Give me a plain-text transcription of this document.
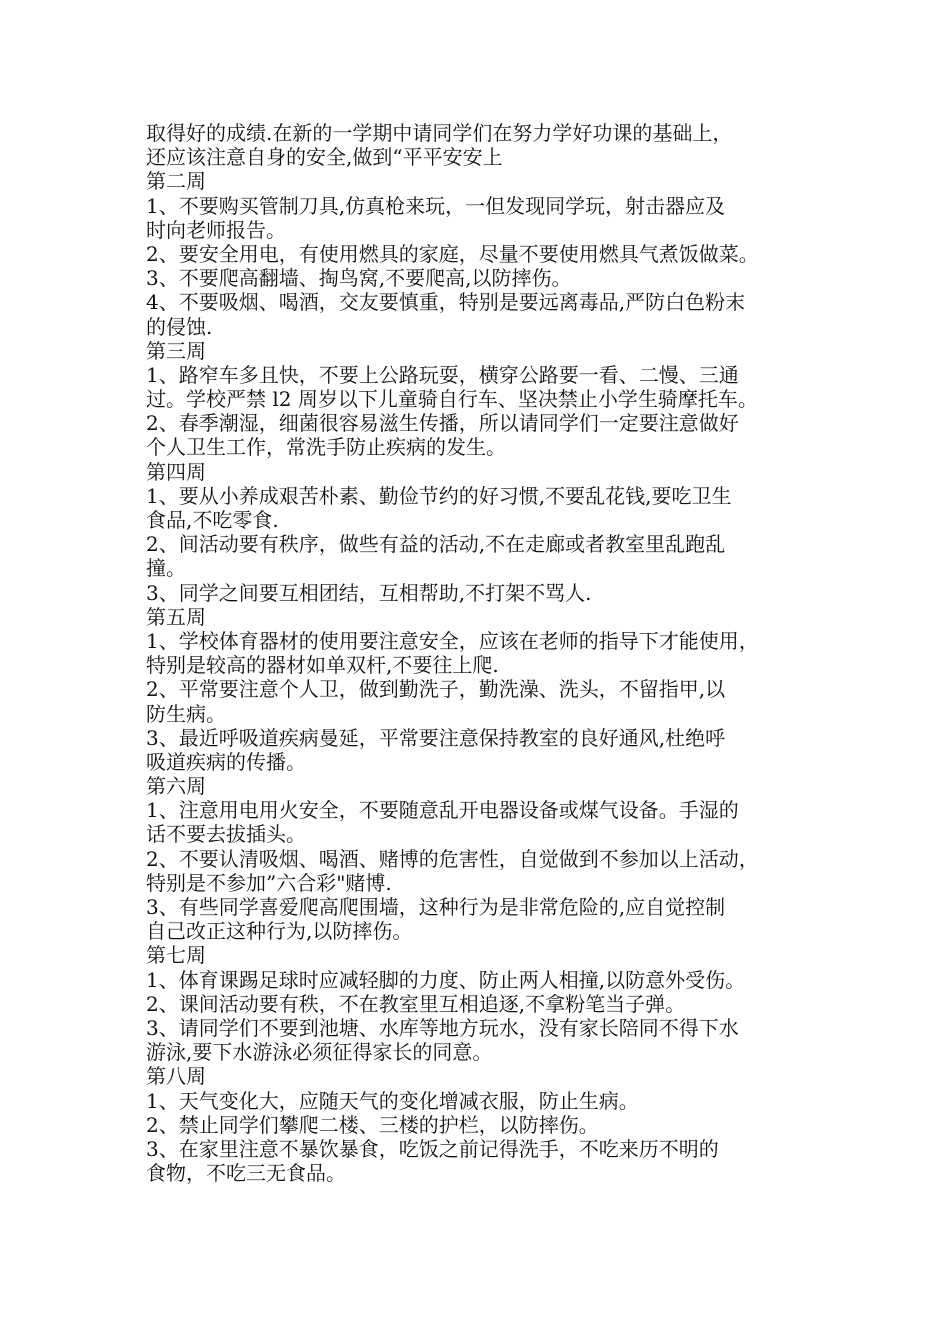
取得好的成绩.在新的一学期中请同学们在努力学好功课的基础上，
还应该注意自身的安全,做到“平平安安上
第二周
1、不要购买管制刀具,仿真枪来玩，一但发现同学玩，射击器应及
时向老师报告。
2、要安全用电，有使用燃具的家庭，尽量不要使用燃具气煮饭做菜。
3、不要爬高翻墙、掏鸟窝,不要爬高,以防摔伤。
4、不要吸烟、喝酒，交友要慎重，特别是要远离毒品,严防白色粉末
的侵蚀.
第三周
1、路窄车多且快，不要上公路玩耍，横穿公路要一看、二慢、三通
过。学校严禁 l2 周岁以下儿童骑自行车、坚决禁止小学生骑摩托车。
2、春季潮湿，细菌很容易滋生传播，所以请同学们一定要注意做好
个人卫生工作，常洗手防止疾病的发生。
第四周
1、要从小养成艰苦朴素、勤俭节约的好习惯,不要乱花钱,要吃卫生
食品,不吃零食.
2、间活动要有秩序，做些有益的活动,不在走廊或者教室里乱跑乱
撞。
3、同学之间要互相团结，互相帮助,不打架不骂人.
第五周
1、学校体育器材的使用要注意安全，应该在老师的指导下才能使用，
特别是较高的器材如单双杆,不要往上爬.
2、平常要注意个人卫，做到勤洗子，勤洗澡、洗头，不留指甲,以
防生病。
3、最近呼吸道疾病曼延，平常要注意保持教室的良好通风,杜绝呼
吸道疾病的传播。
第六周
1、注意用电用火安全，不要随意乱开电器设备或煤气设备。手湿的
话不要去拔插头。
2、不要认清吸烟、喝酒、赌博的危害性，自觉做到不参加以上活动，
特别是不参加”六合彩"赌博.
3、有些同学喜爱爬高爬围墙，这种行为是非常危险的,应自觉控制
自己改正这种行为,以防摔伤。
第七周
1、体育课踢足球时应减轻脚的力度、防止两人相撞,以防意外受伤。
2、课间活动要有秩，不在教室里互相追逐,不拿粉笔当子弹。
3、请同学们不要到池塘、水库等地方玩水，没有家长陪同不得下水
游泳,要下水游泳必须征得家长的同意。
第八周
1、天气变化大，应随天气的变化增减衣服，防止生病。
2、禁止同学们攀爬二楼、三楼的护栏，以防摔伤。
3、在家里注意不暴饮暴食，吃饭之前记得洗手，不吃来历不明的
食物，不吃三无食品。
